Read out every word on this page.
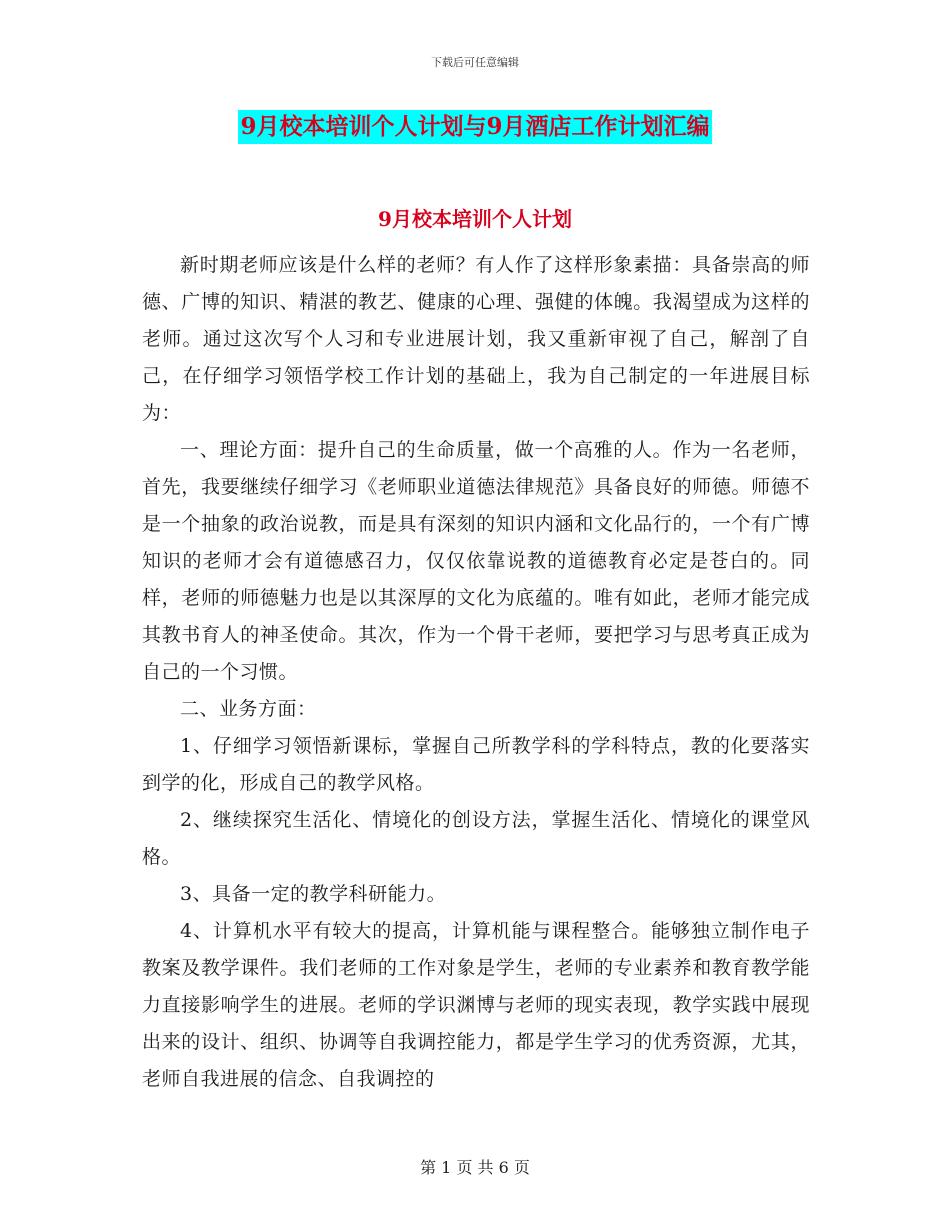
下载后可任意编辑
9月校本培训个人计划与9月酒店工作计划汇编
9月校本培训个人计划

新时期老师应该是什么样的老师？有人作了这样形象素描：具备崇高的师德、广博的知识、精湛的教艺、健康的心理、强健的体魄。我渴望成为这样的老师。通过这次写个人习和专业进展计划，我又重新审视了自己，解剖了自己，在仔细学习领悟学校工作计划的基础上，我为自己制定的一年进展目标为：

一、理论方面：提升自己的生命质量，做一个高雅的人。作为一名老师，首先，我要继续仔细学习《老师职业道德法律规范》具备良好的师德。师德不是一个抽象的政治说教，而是具有深刻的知识内涵和文化品行的，一个有广博知识的老师才会有道德感召力，仅仅依靠说教的道德教育必定是苍白的。同样，老师的师德魅力也是以其深厚的文化为底蕴的。唯有如此，老师才能完成其教书育人的神圣使命。其次，作为一个骨干老师，要把学习与思考真正成为自己的一个习惯。

二、业务方面：

1、仔细学习领悟新课标，掌握自己所教学科的学科特点，教的化要落实到学的化，形成自己的教学风格。

2、继续探究生活化、情境化的创设方法，掌握生活化、情境化的课堂风格。

3、具备一定的教学科研能力。

4、计算机水平有较大的提高，计算机能与课程整合。能够独立制作电子教案及教学课件。我们老师的工作对象是学生，老师的专业素养和教育教学能力直接影响学生的进展。老师的学识渊博与老师的现实表现，教学实践中展现出来的设计、组织、协调等自我调控能力，都是学生学习的优秀资源，尤其，老师自我进展的信念、自我调控的

第 1 页 共 6 页
